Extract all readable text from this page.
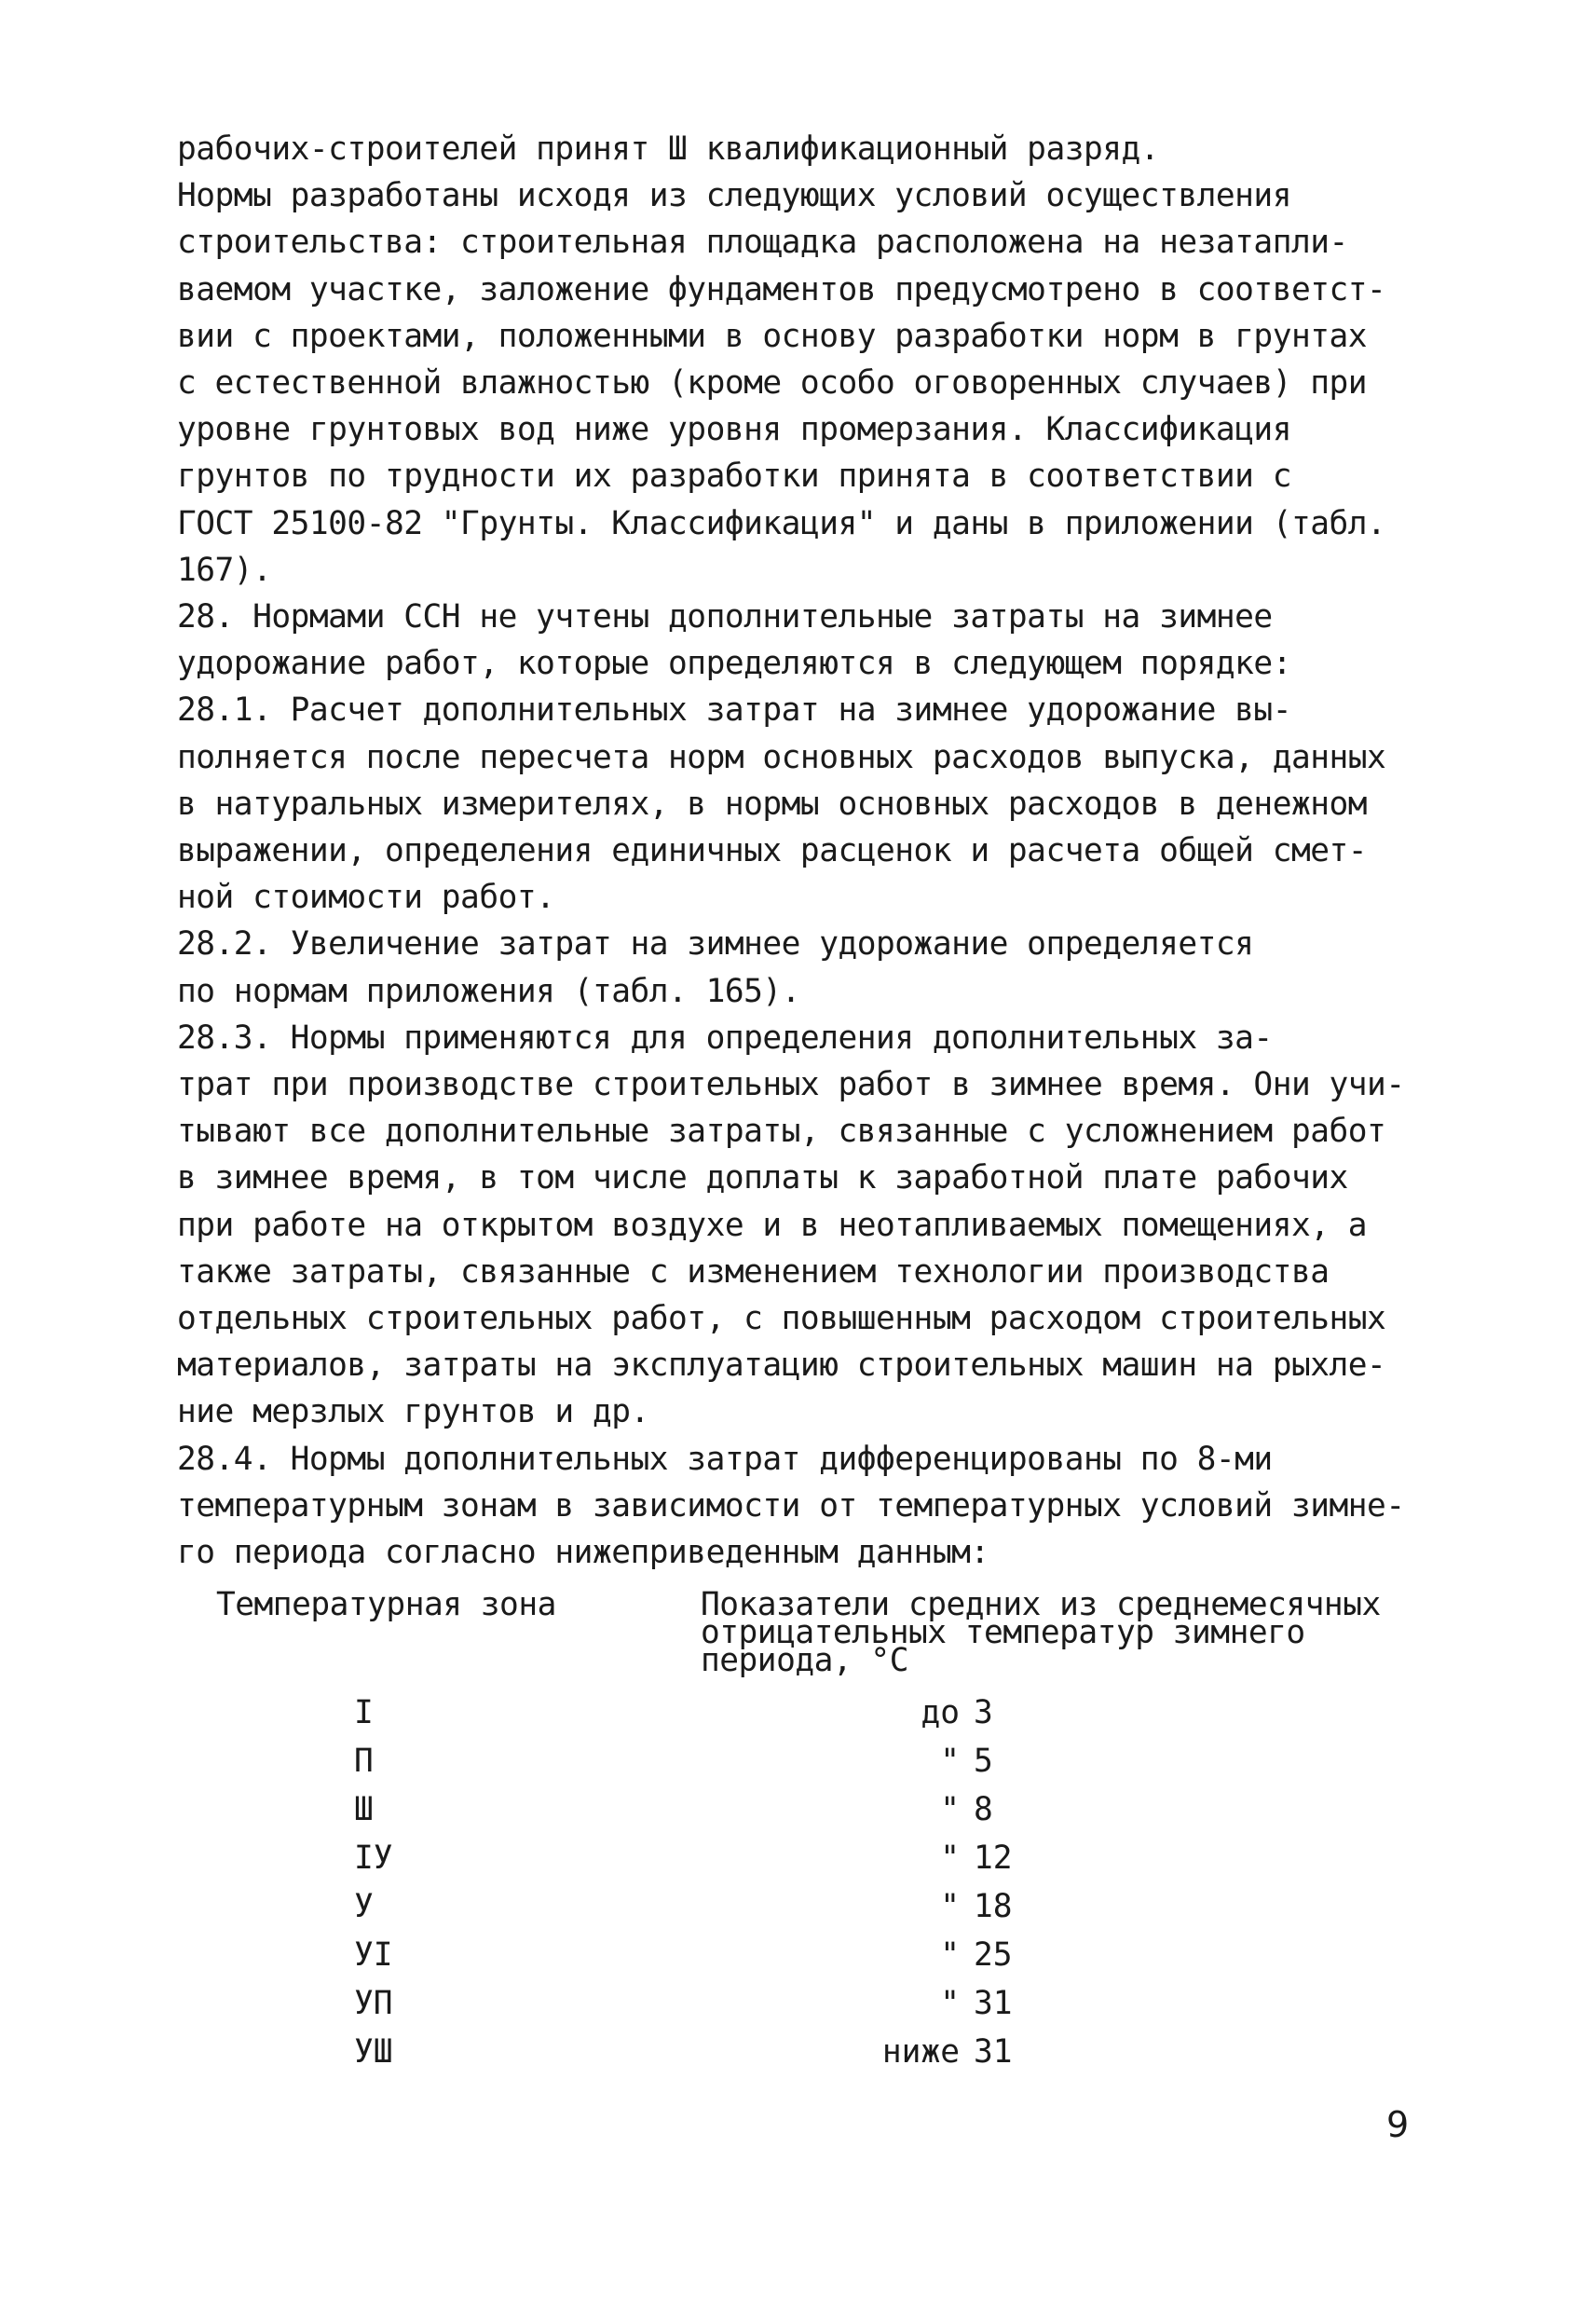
рабочих-строителей принят Ш квалификационный разряд.
Нормы разработаны исходя из следующих условий осуществления
строительства: строительная площадка расположена на незатапли-
ваемом участке, заложение фундаментов предусмотрено в соответст-
вии с проектами, положенными в основу разработки норм в грунтах
с естественной влажностью (кроме особо оговоренных случаев) при
уровне грунтовых вод ниже уровня промерзания. Классификация
грунтов по трудности их разработки принята в соответствии с
ГОСТ 25100-82 "Грунты. Классификация" и даны в приложении (табл.
167).
28. Нормами ССН не учтены дополнительные затраты на зимнее
удорожание работ, которые определяются в следующем порядке:
28.1. Расчет дополнительных затрат на зимнее удорожание вы-
полняется после пересчета норм основных расходов выпуска, данных
в натуральных измерителях, в нормы основных расходов в денежном
выражении, определения единичных расценок и расчета общей смет-
ной стоимости работ.
28.2. Увеличение затрат на зимнее удорожание определяется
по нормам приложения (табл. 165).
28.3. Нормы применяются для определения дополнительных за-
трат при производстве строительных работ в зимнее время. Они учи-
тывают все дополнительные затраты, связанные с усложнением работ
в зимнее время, в том числе доплаты к заработной плате рабочих
при работе на открытом воздухе и в неотапливаемых помещениях, а
также затраты, связанные с изменением технологии производства
отдельных строительных работ, с повышенным расходом строительных
материалов, затраты на эксплуатацию строительных машин на рыхле-
ние мерзлых грунтов и др.
28.4. Нормы дополнительных затрат дифференцированы по 8-ми
температурным зонам в зависимости от температурных условий зимне-
го периода согласно нижеприведенным данным:
Температурная зона	Показатели средних из среднемесячных
отрицательных температур зимнего
периода, °С
I	до 3
П	" 5
Ш	" 8
IУ	" 12
У	" 18
УI	" 25
УП	" 31
УШ	ниже 31
9
